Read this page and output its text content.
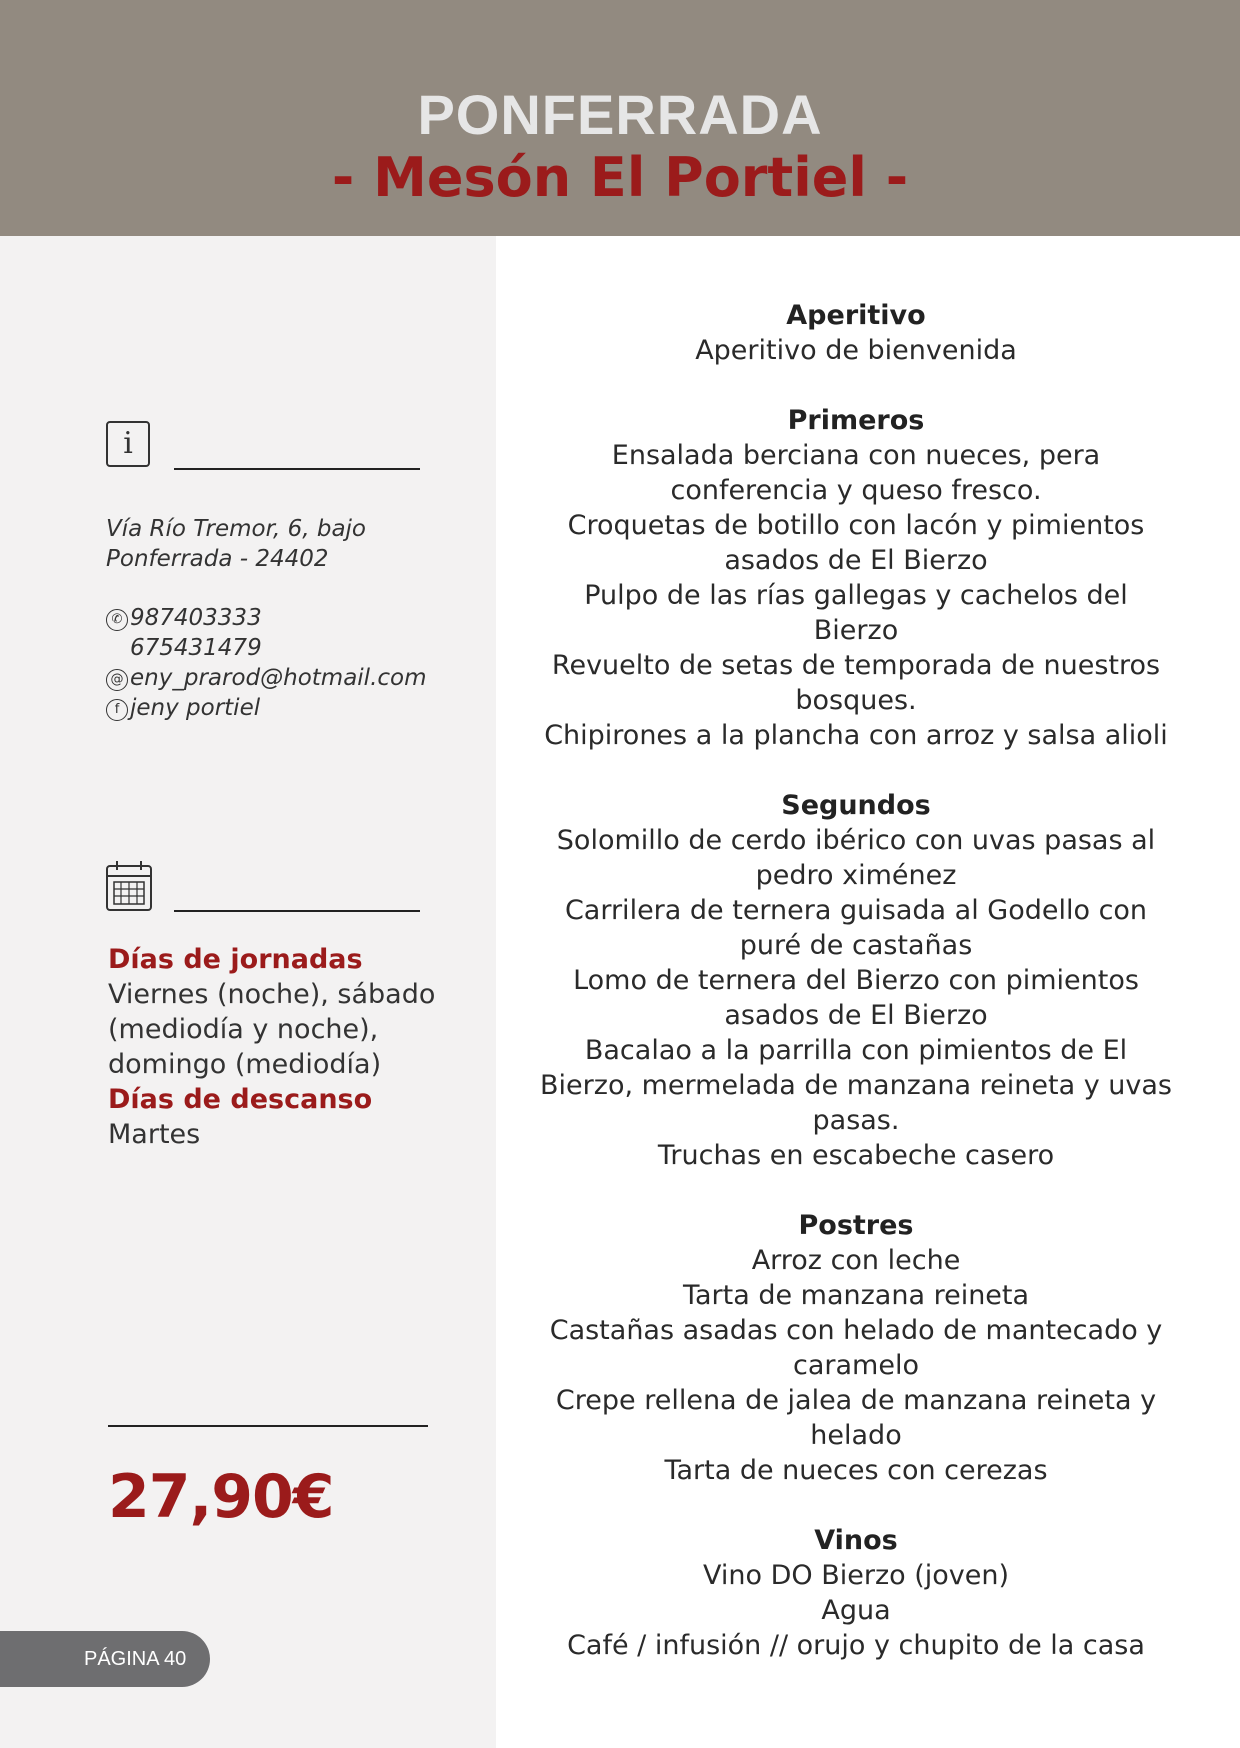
PONFERRADA
- Mesón El Portiel -
i
Vía Río Tremor, 6, bajo
Ponferrada - 24402
✆ 987403333
675431479
@ eny_prarod@hotmail.com
f jeny portiel
Días de jornadas
Viernes (noche), sábado (mediodía y noche), domingo (mediodía)
Días de descanso
Martes
27,90€
PÁGINA 40
Aperitivo
Aperitivo de bienvenida
Primeros
Ensalada berciana con nueces, pera conferencia y queso fresco.
Croquetas de botillo con lacón y pimientos asados de El Bierzo
Pulpo de las rías gallegas y cachelos del Bierzo
Revuelto de setas de temporada de nuestros bosques.
Chipirones a la plancha con arroz y salsa alioli
Segundos
Solomillo de cerdo ibérico con uvas pasas al pedro ximénez
Carrilera de ternera guisada al Godello con puré de castañas
Lomo de ternera del Bierzo con pimientos asados de El Bierzo
Bacalao a la parrilla con pimientos de El Bierzo, mermelada de manzana reineta y uvas pasas.
Truchas en escabeche casero
Postres
Arroz con leche
Tarta de manzana reineta
Castañas asadas con helado de mantecado y caramelo
Crepe rellena de jalea de manzana reineta y helado
Tarta de nueces con cerezas
Vinos
Vino DO Bierzo (joven)
Agua
Café / infusión // orujo y chupito de la casa
